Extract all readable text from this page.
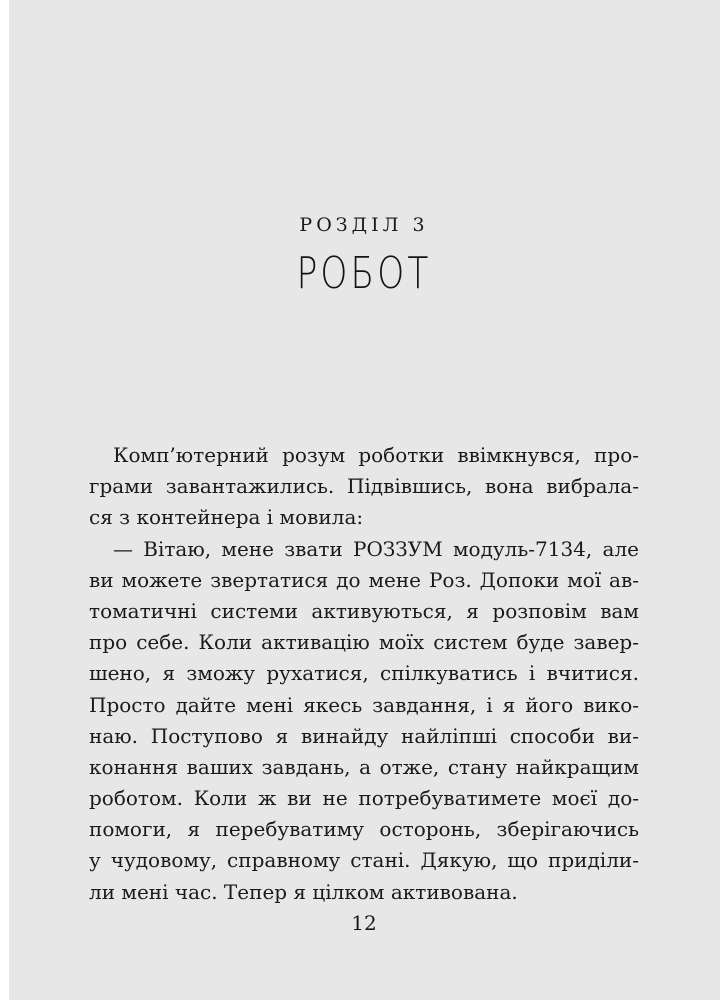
РОЗДІЛ 3
РОБОТ
Комп’ютерний розум роботки ввімкнувся, про-
грами завантажились. Підвівшись, вона вибрала-
ся з контейнера і мовила:
— Вітаю, мене звати РОЗЗУМ модуль-7134, але
ви можете звертатися до мене Роз. Допоки мої ав-
томатичні системи активуються, я розповім вам
про себе. Коли активацію моїх систем буде завер-
шено, я зможу рухатися, спілкуватись і вчитися.
Просто дайте мені якесь завдання, і я його вико-
наю. Поступово я винайду найліпші способи ви-
конання ваших завдань, а отже, стану найкращим
роботом. Коли ж ви не потребуватимете моєї до-
помоги, я перебуватиму осторонь, зберігаючись
у чудовому, справному стані. Дякую, що приділи-
ли мені час. Тепер я цілком активована.
12
